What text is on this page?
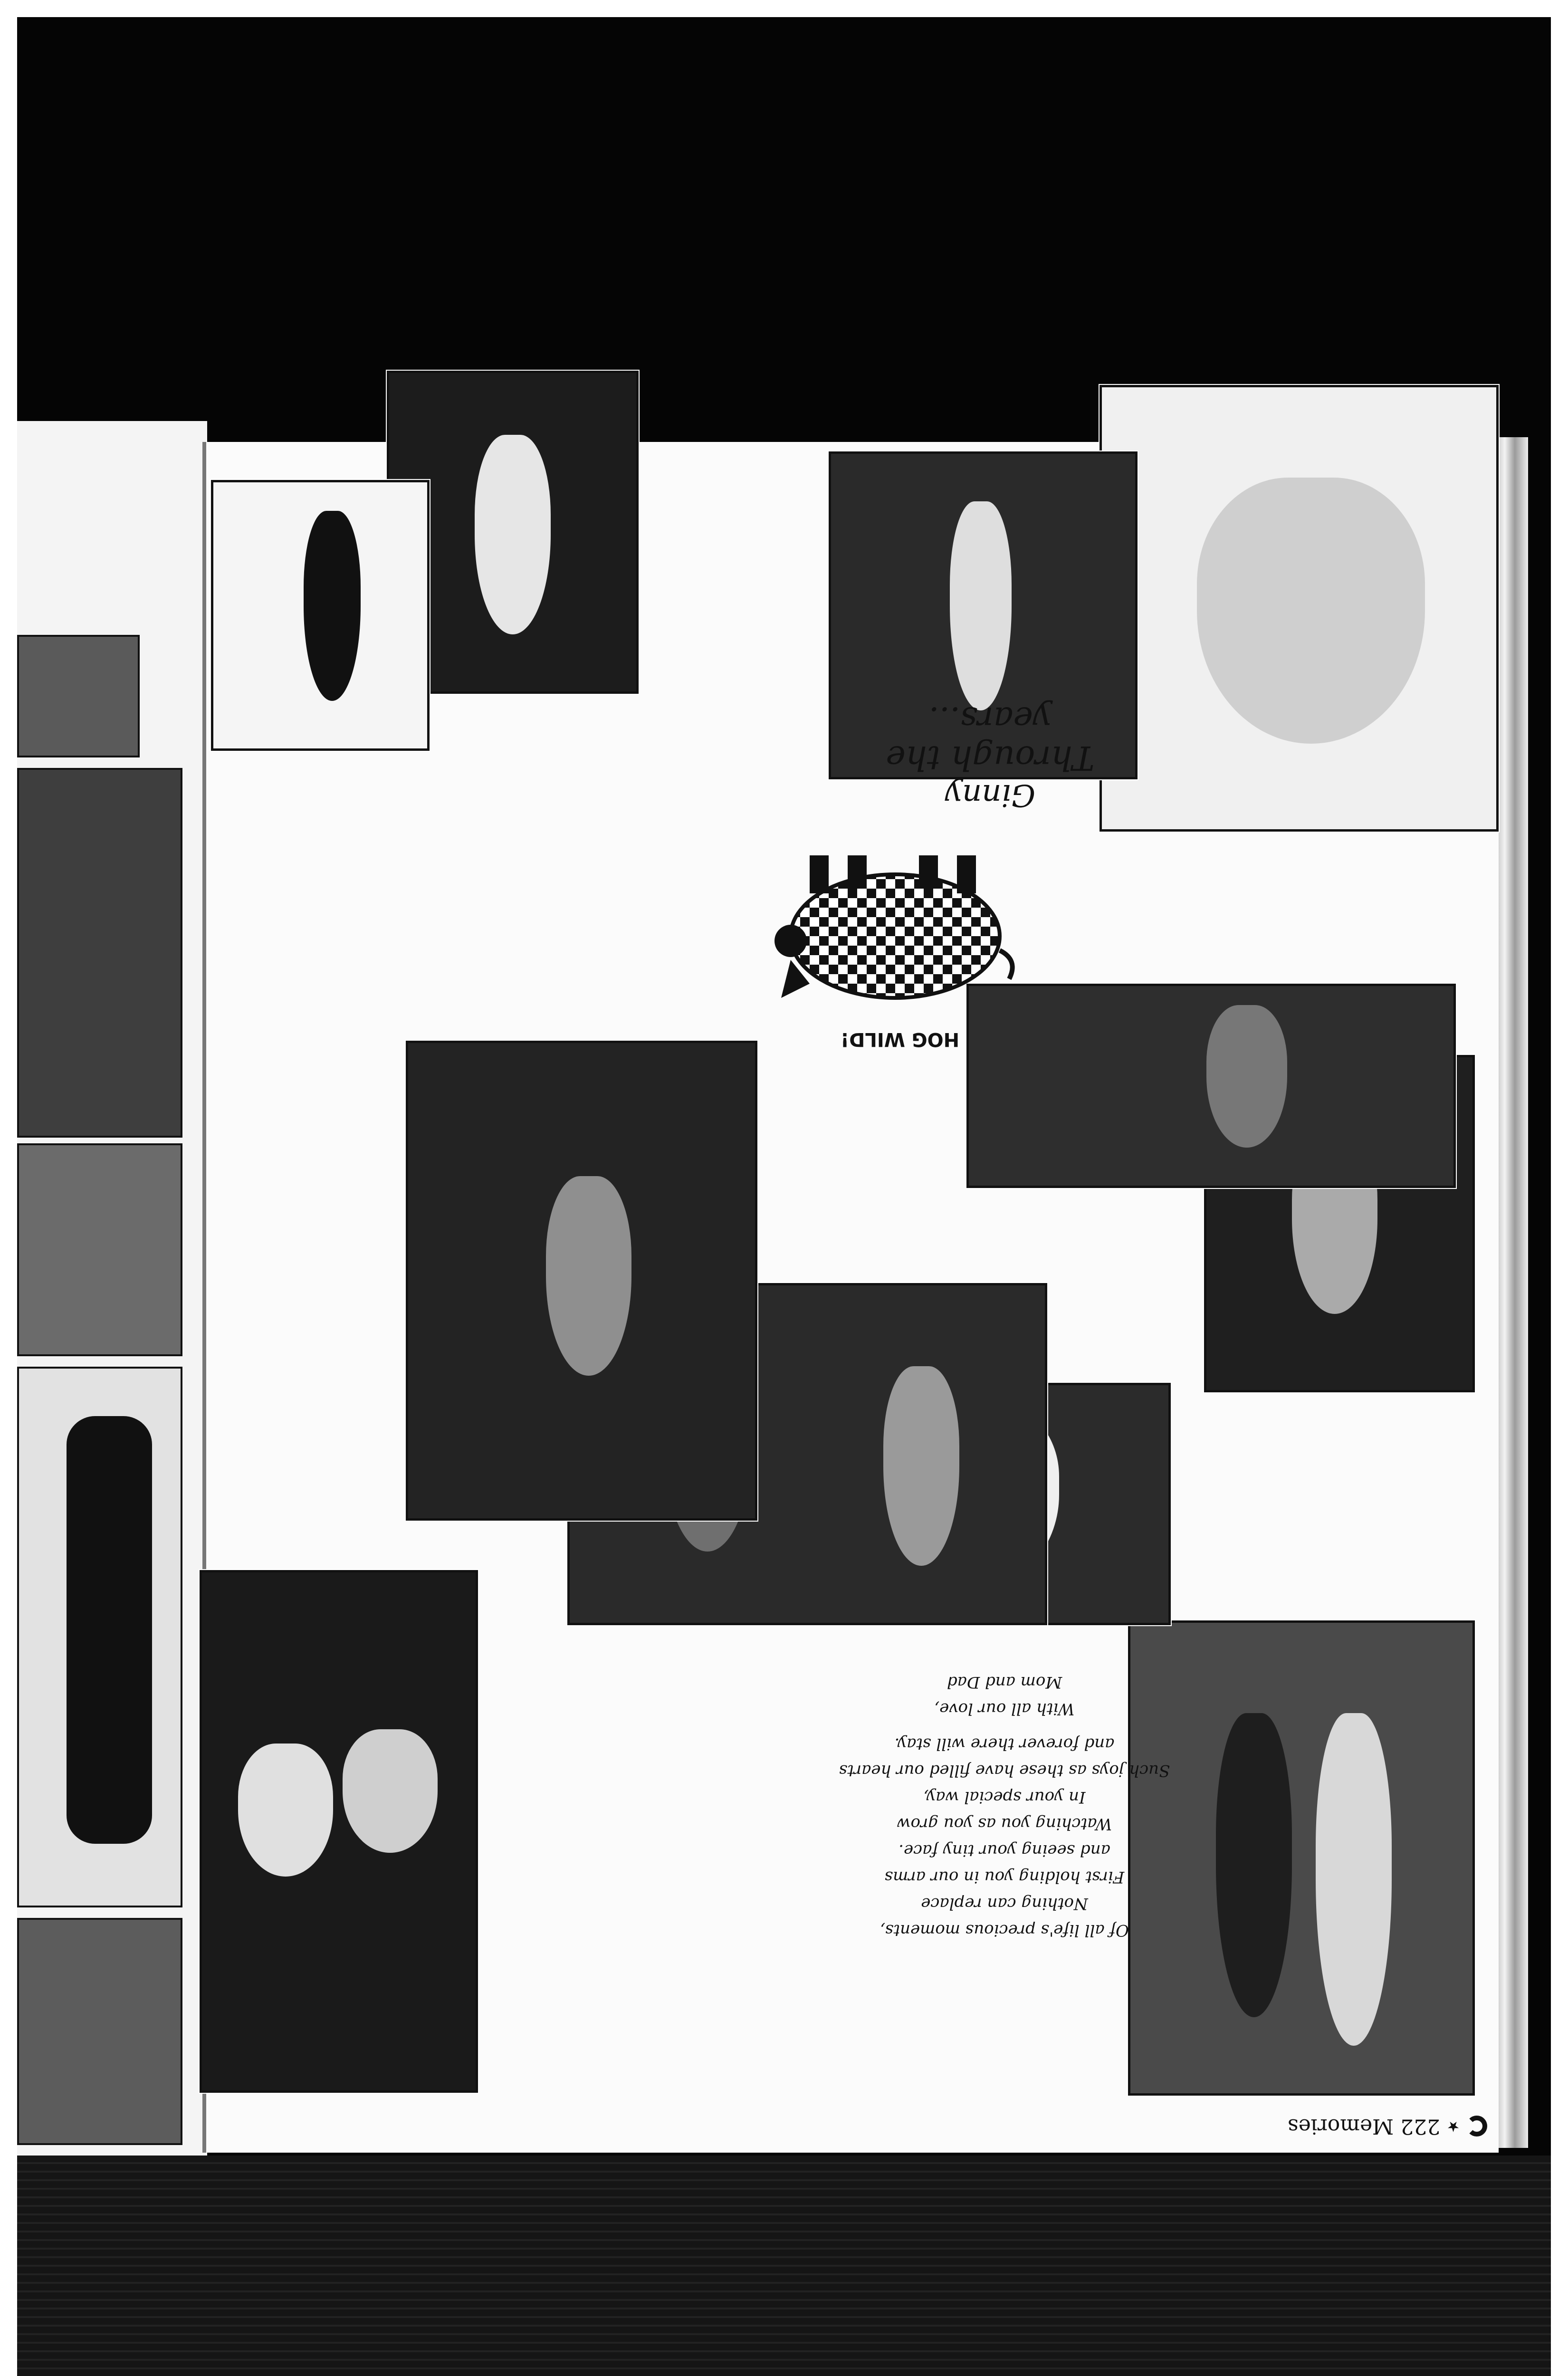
★
222 Memories
Of all life's precious moments,
Nothing can replace
First holding you in our arms
and seeing your tiny face.
Watching you as you grow
In your special way,
Such joys as these have filled our hearts
and forever there will stay.
With all our love,
Mom and Dad
HOG WILD!
Ginny
Through the years...
